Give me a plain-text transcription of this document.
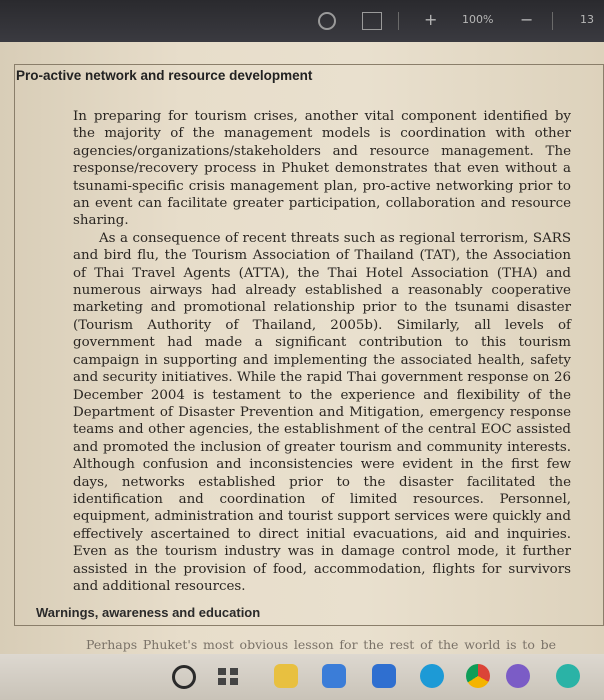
+ 100% −	13
Pro-active network and resource development

In preparing for tourism crises, another vital component identified by the majority of the management models is coordination with other agencies/organizations/stakeholders and resource management. The response/recovery process in Phuket demonstrates that even without a tsunami-specific crisis management plan, pro-active networking prior to an event can facilitate greater participation, collaboration and resource sharing.

As a consequence of recent threats such as regional terrorism, SARS and bird flu, the Tourism Association of Thailand (TAT), the Association of Thai Travel Agents (ATTA), the Thai Hotel Association (THA) and numerous airways had already established a reasonably cooperative marketing and promotional relationship prior to the tsunami disaster (Tourism Authority of Thailand, 2005b). Similarly, all levels of government had made a significant contribution to this tourism campaign in supporting and implementing the associated health, safety and security initiatives. While the rapid Thai government response on 26 December 2004 is testament to the experience and flexibility of the Department of Disaster Prevention and Mitigation, emergency response teams and other agencies, the establishment of the central EOC assisted and promoted the inclusion of greater tourism and community interests. Although confusion and inconsistencies were evident in the first few days, networks established prior to the disaster facilitated the identification and coordination of limited resources. Personnel, equipment, administration and tourist support services were quickly and effectively ascertained to direct initial evacuations, aid and inquiries. Even as the tourism industry was in damage control mode, it further assisted in the provision of food, accommodation, flights for survivors and additional resources.

Warnings, awareness and education
Perhaps Phuket's most obvious lesson for the rest of the world is to be
